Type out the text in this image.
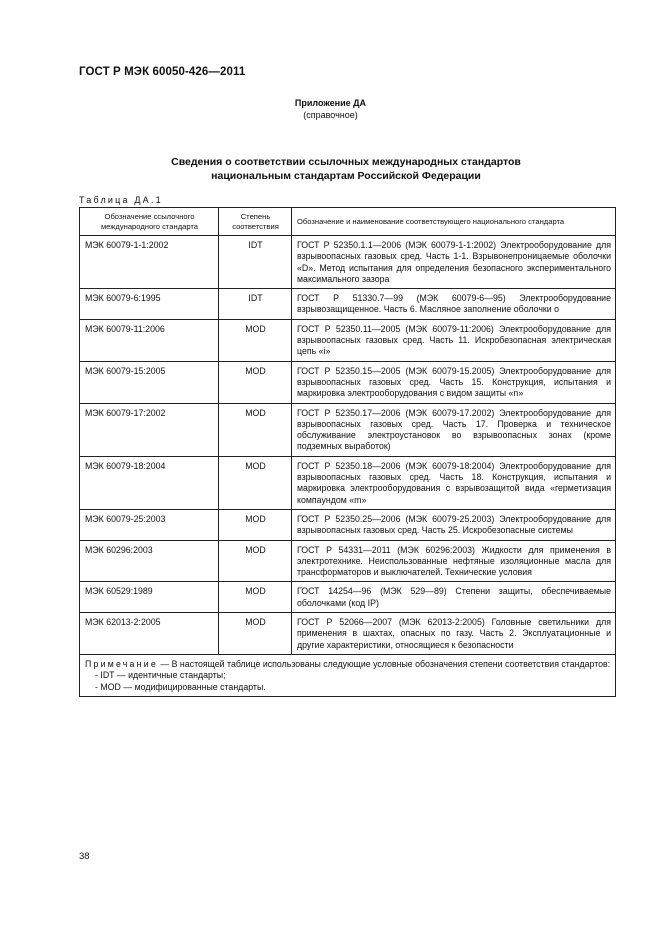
ГОСТ Р МЭК 60050-426—2011
Приложение ДА
(справочное)
Сведения о соответствии ссылочных международных стандартов
национальным стандартам Российской Федерации
Таблица ДА.1
Обозначение ссылочного международного стандарта	Степень соответствия	Обозначение и наименование соответствующего национального стандарта
МЭК 60079-1-1:2002	IDT	ГОСТ Р 52350.1.1—2006 (МЭК 60079-1-1:2002) Электрооборудование для взрывоопасных газовых сред. Часть 1-1. Взрывонепроницаемые оболочки «D». Метод испытания для определения безопасного экспериментального максимального зазора
МЭК 60079-6:1995	IDT	ГОСТ Р 51330.7—99 (МЭК 60079-6—95) Электрооборудование взрывозащищенное. Часть 6. Масляное заполнение оболочки о
МЭК 60079-11:2006	MOD	ГОСТ Р 52350.11—2005 (МЭК 60079-11:2006) Электрооборудование для взрывоопасных газовых сред. Часть 11. Искробезопасная электрическая цепь «i»
МЭК 60079-15:2005	MOD	ГОСТ Р 52350.15—2005 (МЭК 60079-15.2005) Электрооборудование для взрывоопасных газовых сред. Часть 15. Конструкция, испытания и маркировка электрооборудования с видом защиты «n»
МЭК 60079-17:2002	MOD	ГОСТ Р 52350.17—2006 (МЭК 60079-17.2002) Электрооборудование для взрывоопасных газовых сред. Часть 17. Проверка и техническое обслуживание электроустановок во взрывоопасных зонах (кроме подземных выработок)
МЭК 60079-18:2004	MOD	ГОСТ Р 52350.18—2006 (МЭК 60079-18:2004) Электрооборудование для взрывоопасных газовых сред. Часть 18. Конструкция, испытания и маркировка электрооборудования с взрывозащитой вида «герметизация компаундом «m»
МЭК 60079-25:2003	MOD	ГОСТ Р 52350.25—2006 (МЭК 60079-25.2003) Электрооборудование для взрывоопасных газовых сред. Часть 25. Искробезопасные системы
МЭК 60296:2003	MOD	ГОСТ Р 54331—2011 (МЭК 60296:2003) Жидкости для применения в электротехнике. Неиспользованные нефтяные изоляционные масла для трансформаторов и выключателей. Технические условия
МЭК 60529:1989	MOD	ГОСТ 14254—96 (МЭК 529—89) Степени защиты, обеспечиваемые оболочками (код IP)
МЭК 62013-2:2005	MOD	ГОСТ Р 52066—2007 (МЭК 62013-2:2005) Головные светильники для применения в шахтах, опасных по газу. Часть 2. Эксплуатационные и другие характеристики, относящиеся к безопасности

Примечание — В настоящей таблице использованы следующие условные обозначения степени соответствия стандартов:
- IDT — идентичные стандарты;
- MOD — модифицированные стандарты.		
38
